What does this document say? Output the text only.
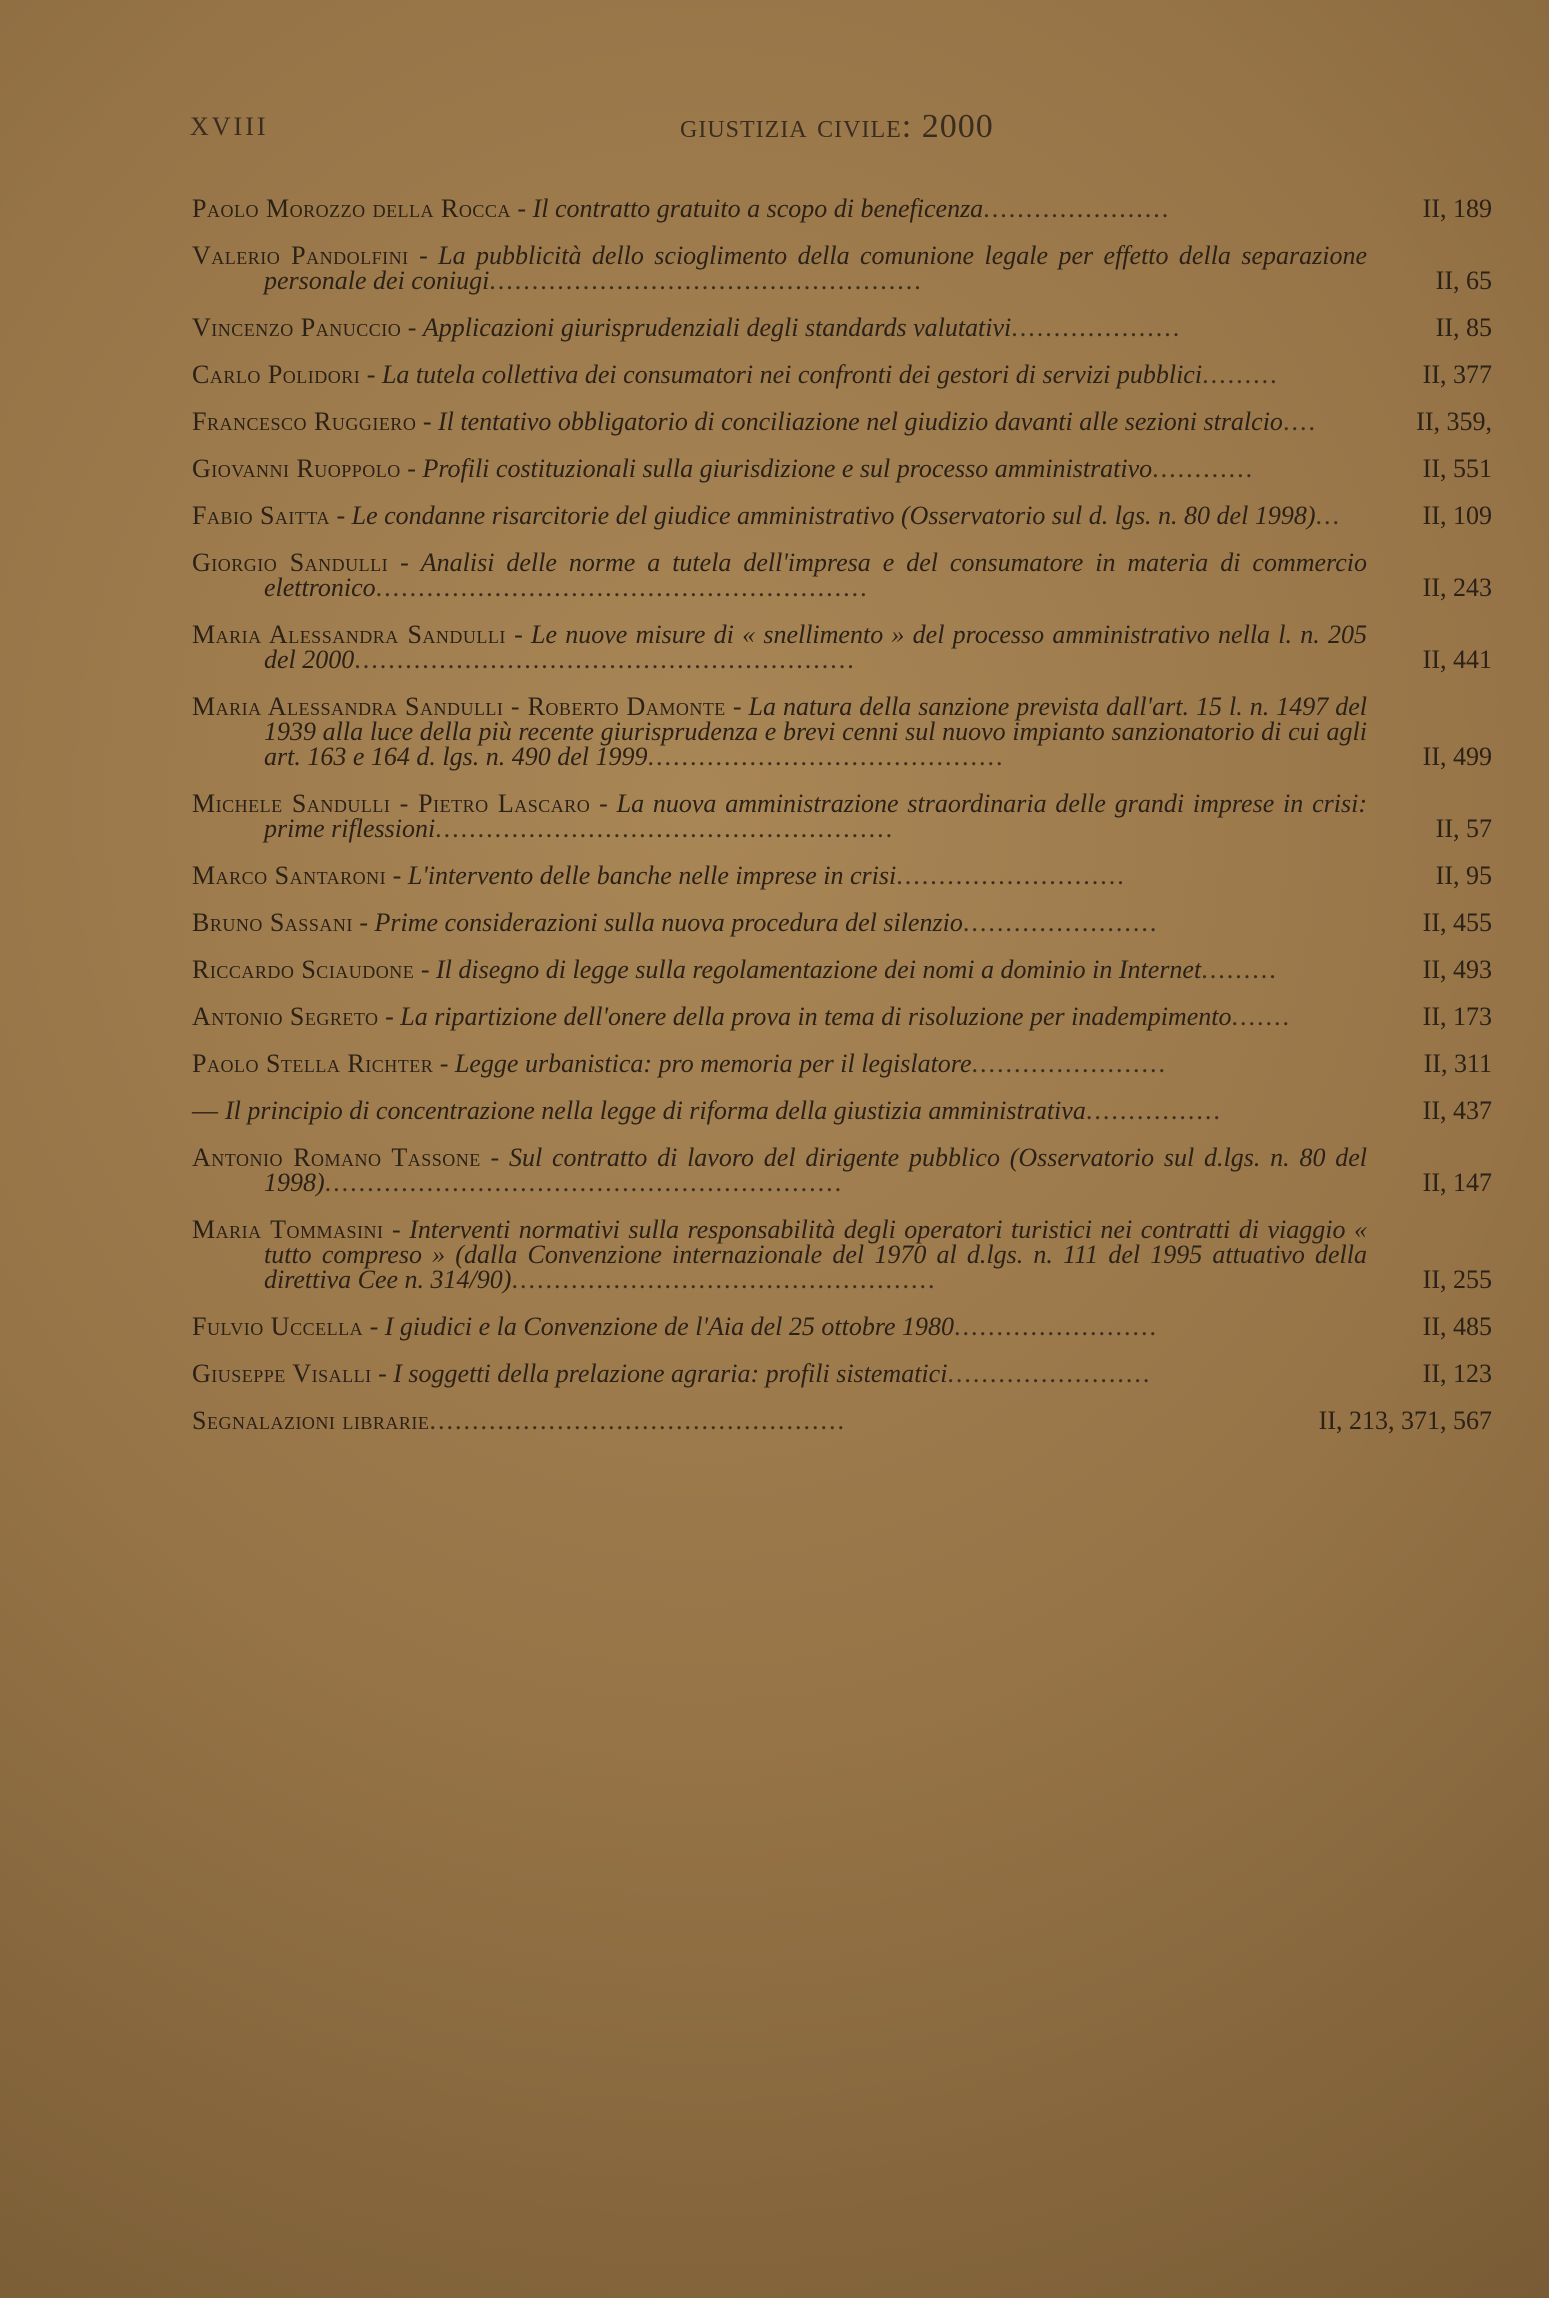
XVIII	giustizia civile: 2000
Paolo Morozzo della Rocca - Il contratto gratuito a scopo di beneficenza......................	II, 189
Valerio Pandolfini - La pubblicità dello scioglimento della comunione legale per effetto della separazione personale dei coniugi...................................................	II, 65
Vincenzo Panuccio - Applicazioni giurisprudenziali degli standards valutativi....................	II, 85
Carlo Polidori - La tutela collettiva dei consumatori nei confronti dei gestori di servizi pubblici.........	II, 377
Francesco Ruggiero - Il tentativo obbligatorio di conciliazione nel giudizio davanti alle sezioni stralcio....	II, 359,
Giovanni Ruoppolo - Profili costituzionali sulla giurisdizione e sul processo amministrativo............	II, 551
Fabio Saitta - Le condanne risarcitorie del giudice amministrativo (Osservatorio sul d. lgs. n. 80 del 1998)...	II, 109
Giorgio Sandulli - Analisi delle norme a tutela dell'impresa e del consumatore in materia di commercio elettronico..........................................................	II, 243
Maria Alessandra Sandulli - Le nuove misure di « snellimento » del processo amministrativo nella l. n. 205 del 2000...........................................................	II, 441
Maria Alessandra Sandulli - Roberto Damonte - La natura della sanzione prevista dall'art. 15 l. n. 1497 del 1939 alla luce della più recente giurisprudenza e brevi cenni sul nuovo impianto sanzionatorio di cui agli art. 163 e 164 d. lgs. n. 490 del 1999..........................................	II, 499
Michele Sandulli - Pietro Lascaro - La nuova amministrazione straordinaria delle grandi imprese in crisi: prime riflessioni......................................................	II, 57
Marco Santaroni - L'intervento delle banche nelle imprese in crisi...........................	II, 95
Bruno Sassani - Prime considerazioni sulla nuova procedura del silenzio.......................	II, 455
Riccardo Sciaudone - Il disegno di legge sulla regolamentazione dei nomi a dominio in Internet.........	II, 493
Antonio Segreto - La ripartizione dell'onere della prova in tema di risoluzione per inadempimento.......	II, 173
Paolo Stella Richter - Legge urbanistica: pro memoria per il legislatore.......................	II, 311
— Il principio di concentrazione nella legge di riforma della giustizia amministrativa................	II, 437
Antonio Romano Tassone - Sul contratto di lavoro del dirigente pubblico (Osservatorio sul d.lgs. n. 80 del 1998).............................................................	II, 147
Maria Tommasini - Interventi normativi sulla responsabilità degli operatori turistici nei contratti di viaggio « tutto compreso » (dalla Convenzione internazionale del 1970 al d.lgs. n. 111 del 1995 attuativo della direttiva Cee n. 314/90)..................................................	II, 255
Fulvio Uccella - I giudici e la Convenzione de l'Aia del 25 ottobre 1980........................	II, 485
Giuseppe Visalli - I soggetti della prelazione agraria: profili sistematici........................	II, 123
Segnalazioni librarie.................................................	II, 213, 371, 567
